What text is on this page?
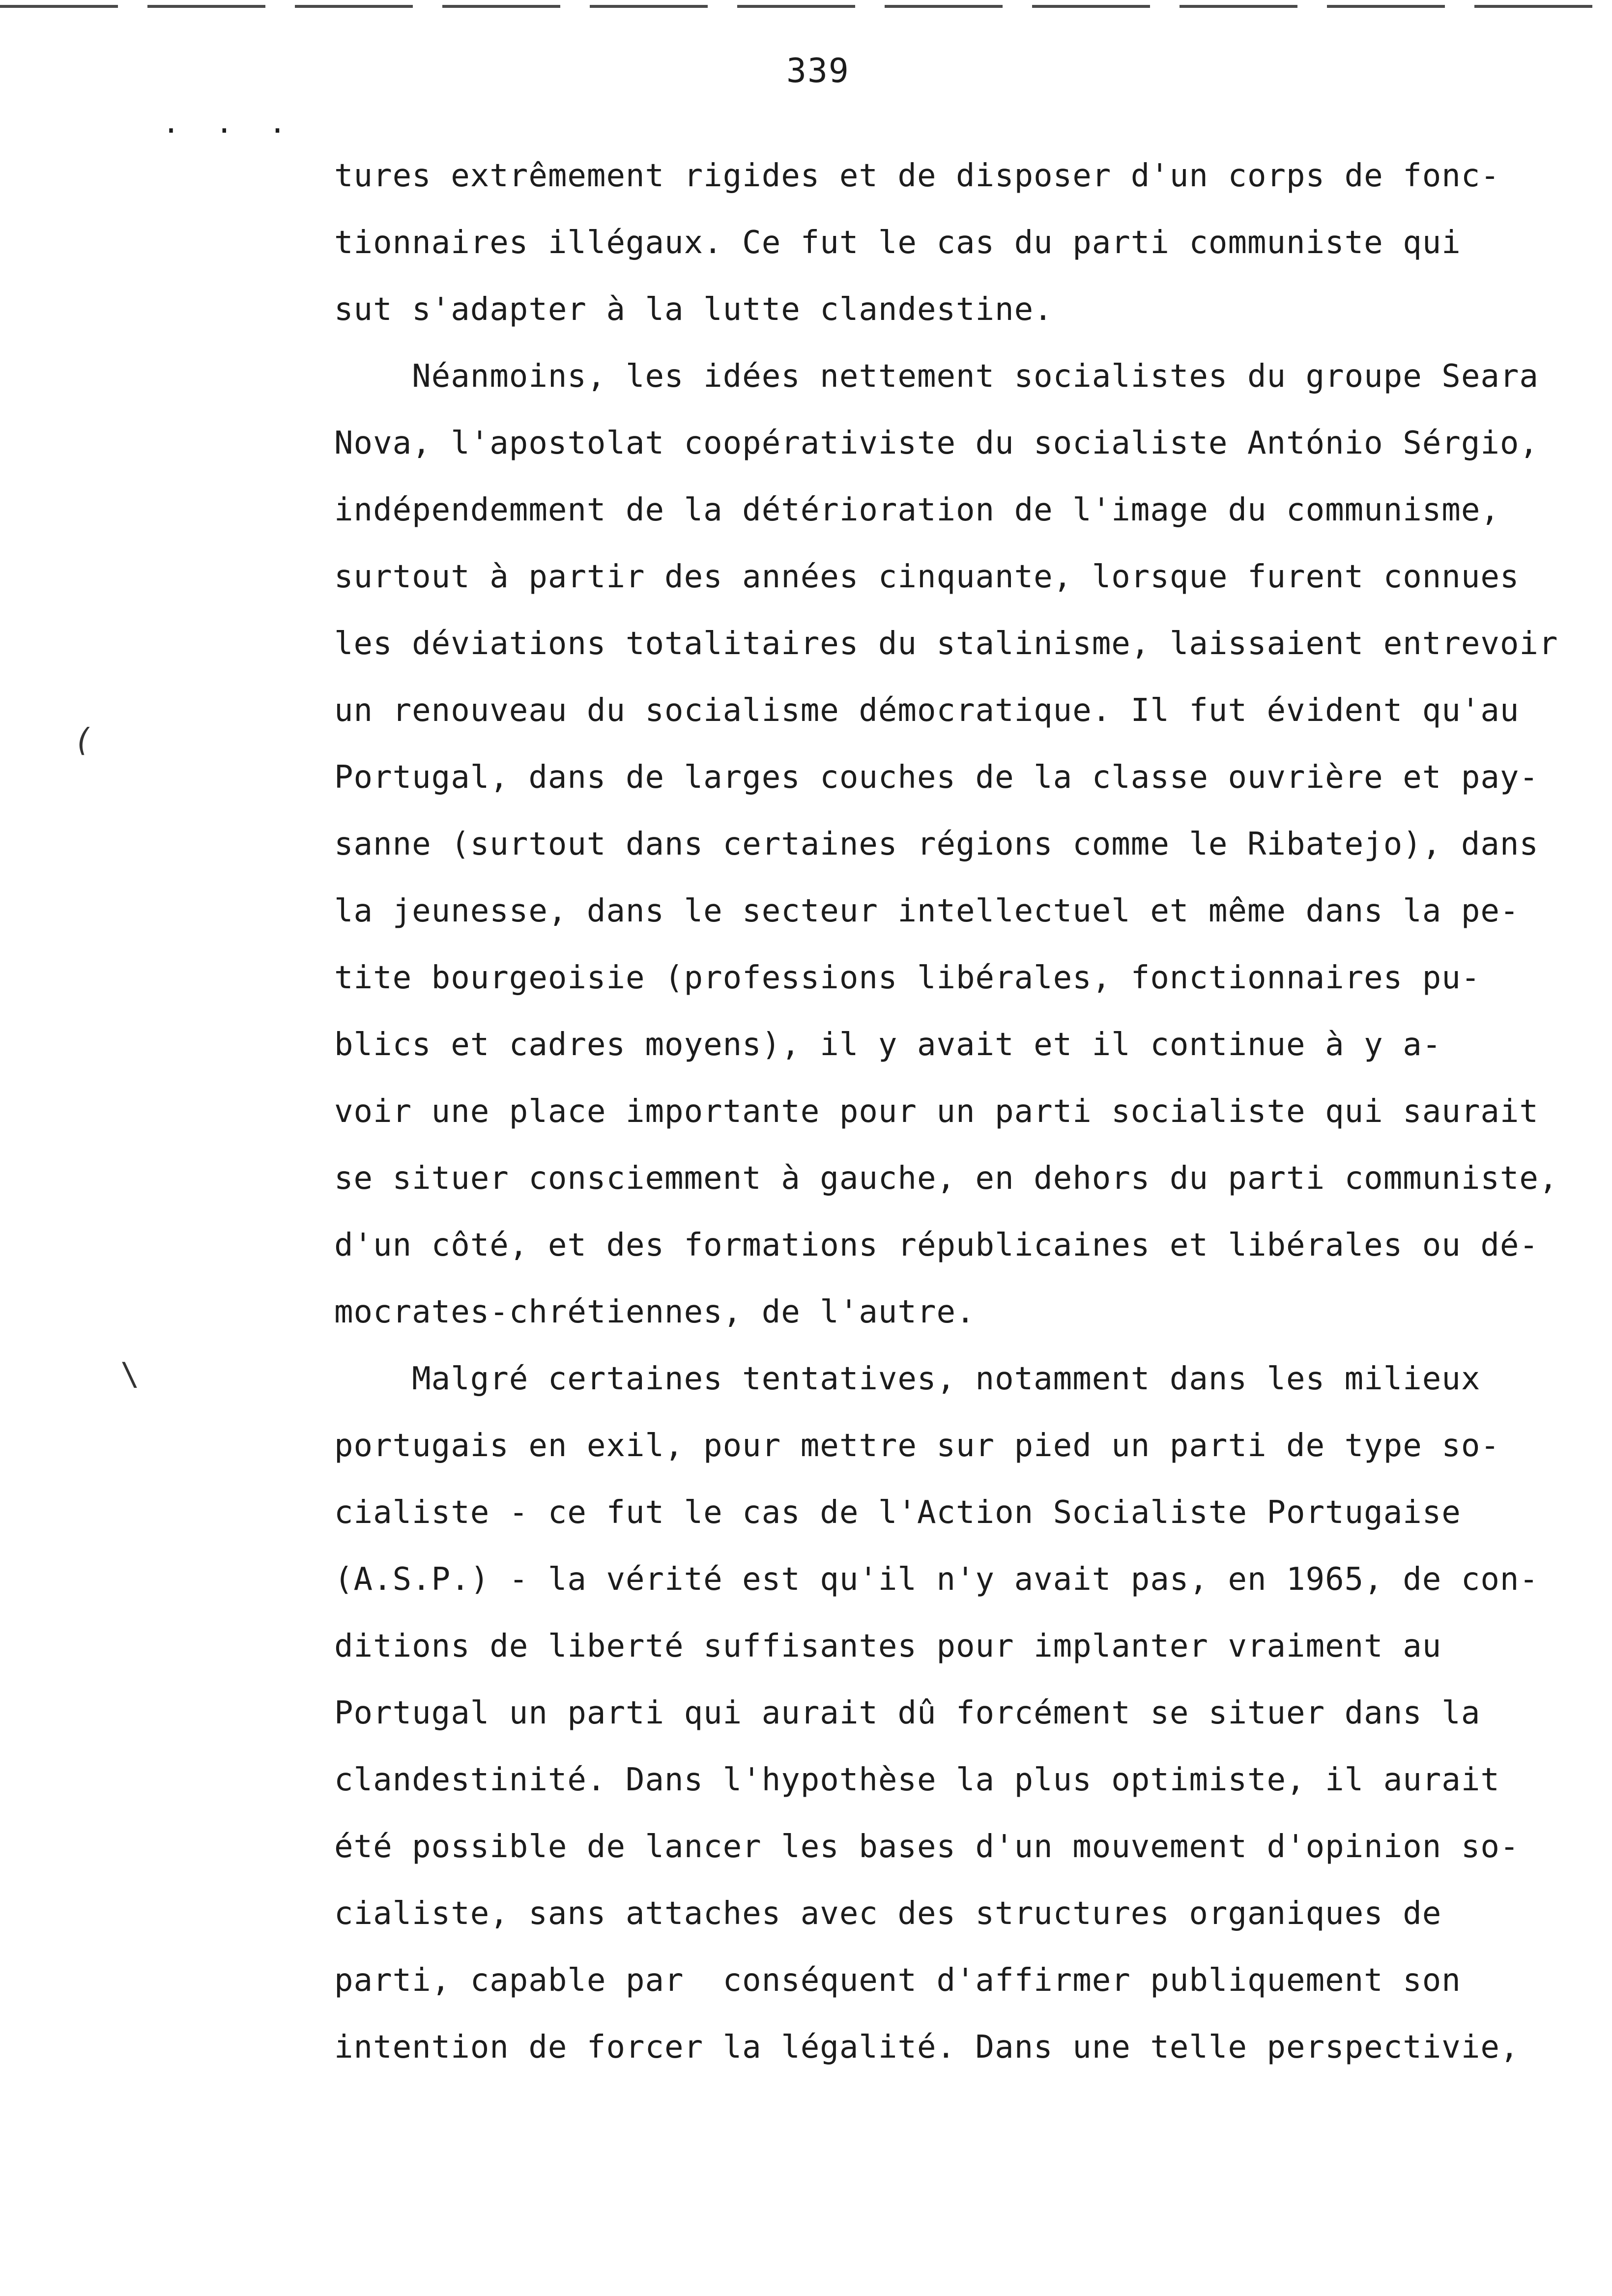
339
. . .
(
\
tures extrêmement rigides et de disposer d'un corps de fonc-
tionnaires illégaux. Ce fut le cas du parti communiste qui
sut s'adapter à la lutte clandestine.
Néanmoins, les idées nettement socialistes du groupe Seara
Nova, l'apostolat coopérativiste du socialiste António Sérgio,
indépendemment de la détérioration de l'image du communisme,
surtout à partir des années cinquante, lorsque furent connues
les déviations totalitaires du stalinisme, laissaient entrevoir
un renouveau du socialisme démocratique. Il fut évident qu'au
Portugal, dans de larges couches de la classe ouvrière et pay-
sanne (surtout dans certaines régions comme le Ribatejo), dans
la jeunesse, dans le secteur intellectuel et même dans la pe-
tite bourgeoisie (professions libérales, fonctionnaires pu-
blics et cadres moyens), il y avait et il continue à y a-
voir une place importante pour un parti socialiste qui saurait
se situer consciemment à gauche, en dehors du parti communiste,
d'un côté, et des formations républicaines et libérales ou dé-
mocrates-chrétiennes, de l'autre.
Malgré certaines tentatives, notamment dans les milieux
portugais en exil, pour mettre sur pied un parti de type so-
cialiste - ce fut le cas de l'Action Socialiste Portugaise
(A.S.P.) - la vérité est qu'il n'y avait pas, en 1965, de con-
ditions de liberté suffisantes pour implanter vraiment au
Portugal un parti qui aurait dû forcément se situer dans la
clandestinité. Dans l'hypothèse la plus optimiste, il aurait
été possible de lancer les bases d'un mouvement d'opinion so-
cialiste, sans attaches avec des structures organiques de
parti, capable par  conséquent d'affirmer publiquement son
intention de forcer la légalité. Dans une telle perspectivie,
